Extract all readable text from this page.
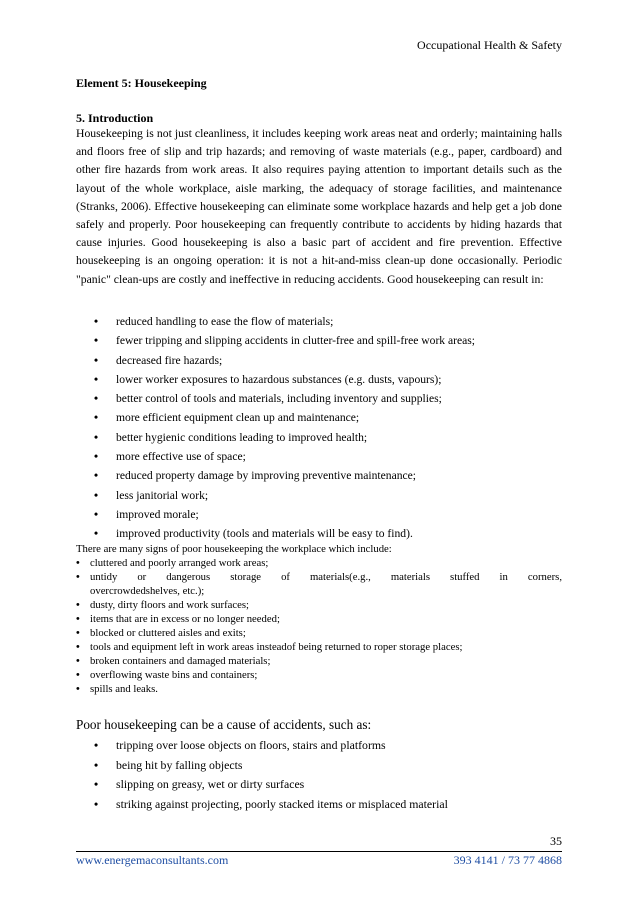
Occupational Health & Safety
Element 5: Housekeeping
5. Introduction

Housekeeping is not just cleanliness, it includes keeping work areas neat and orderly; maintaining halls and floors free of slip and trip hazards; and removing of waste materials (e.g., paper, cardboard) and other fire hazards from work areas. It also requires paying attention to important details such as the layout of the whole workplace, aisle marking, the adequacy of storage facilities, and maintenance (Stranks, 2006). Effective housekeeping can eliminate some workplace hazards and help get a job done safely and properly. Poor housekeeping can frequently contribute to accidents by hiding hazards that cause injuries. Good housekeeping is also a basic part of accident and fire prevention. Effective housekeeping is an ongoing operation: it is not a hit-and-miss clean-up done occasionally. Periodic "panic" clean-ups are costly and ineffective in reducing accidents. Good housekeeping can result in:

• reduced handling to ease the flow of materials;
• fewer tripping and slipping accidents in clutter-free and spill-free work areas;
• decreased fire hazards;
• lower worker exposures to hazardous substances (e.g. dusts, vapours);
• better control of tools and materials, including inventory and supplies;
• more efficient equipment clean up and maintenance;
• better hygienic conditions leading to improved health;
• more effective use of space;
• reduced property damage by improving preventive maintenance;
• less janitorial work;
• improved morale;
• improved productivity (tools and materials will be easy to find).
There are many signs of poor housekeeping the workplace which include:
• cluttered and poorly arranged work areas;
• untidy or dangerous storage of materials(e.g., materials stuffed in corners,
overcrowdedshelves, etc.);
• dusty, dirty floors and work surfaces;
• items that are in excess or no longer needed;
• blocked or cluttered aisles and exits;
• tools and equipment left in work areas insteadof being returned to roper storage places;
• broken containers and damaged materials;
• overflowing waste bins and containers;
• spills and leaks.
Poor housekeeping can be a cause of accidents, such as:
• tripping over loose objects on floors, stairs and platforms
• being hit by falling objects
• slipping on greasy, wet or dirty surfaces
• striking against projecting, poorly stacked items or misplaced material
35
www.energemaconsultants.com	393 4141 / 73 77 4868
